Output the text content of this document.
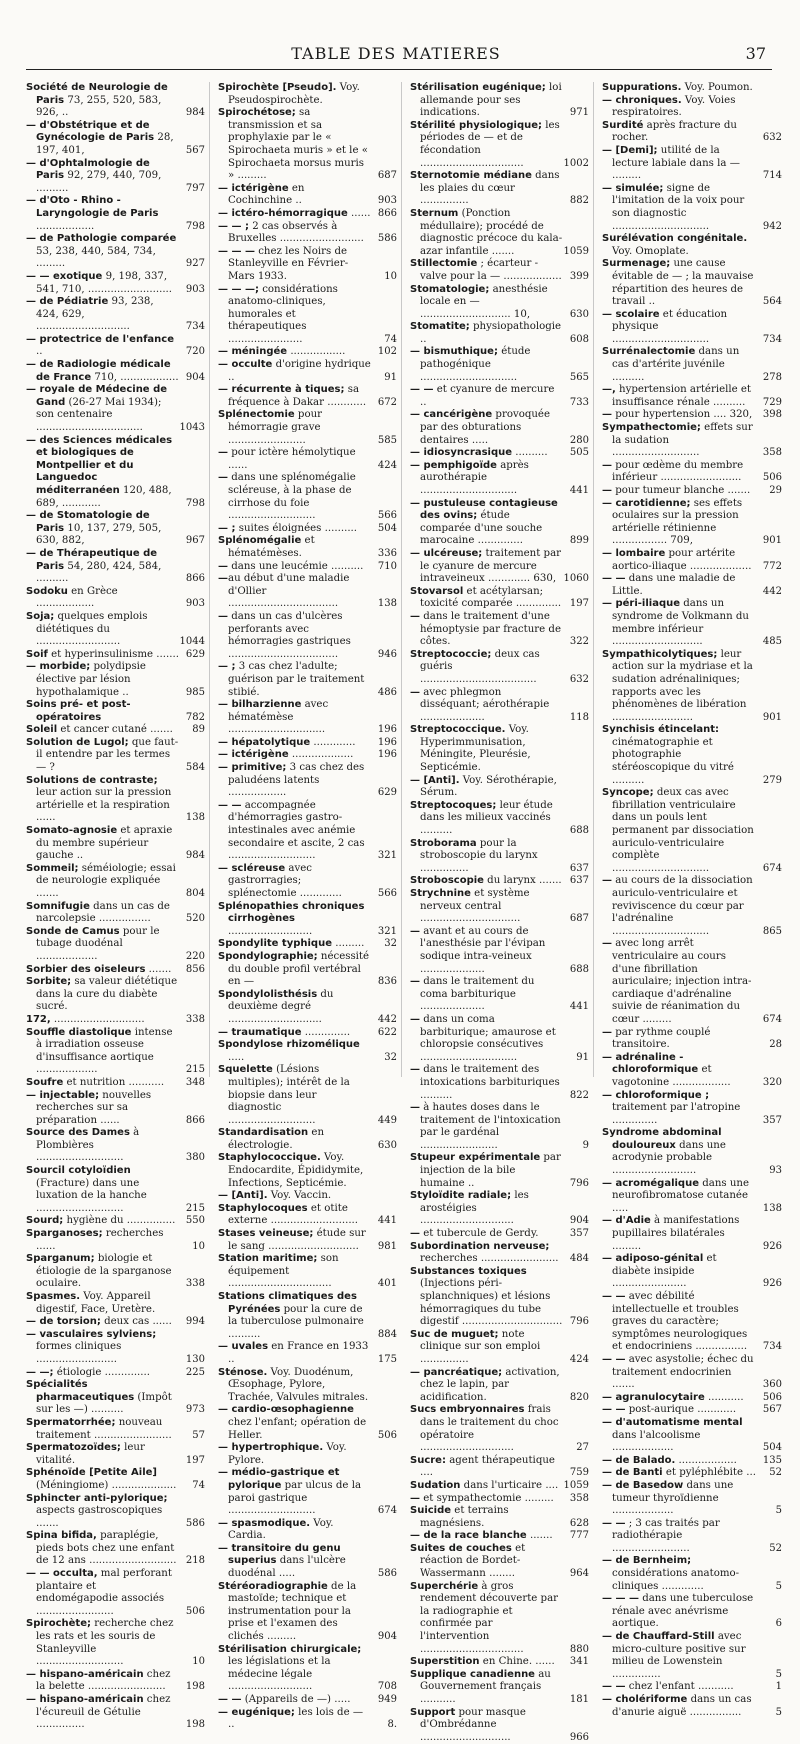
TABLE DES MATIERES	37

Société de Neurologie de Paris 73, 255, 520, 583, 926, ..	984

— d'Obstétrique et de Gynécologie de Paris 28, 197, 401,	567

— d'Ophtalmologie de Paris 92, 279, 440, 709, ..........	797

— d'Oto - Rhino - Laryngologie de Paris ..................	798

— de Pathologie comparée 53, 238, 440, 584, 734, .........	927

— — exotique 9, 198, 337, 541, 710, .......................... 903

— de Pédiatrie 93, 238, 424, 629, .............................	734

— protectrice de l'enfance ..	720

— de Radiologie médicale de France 710, .................. 904

— royale de Médecine de Gand (26-27 Mai 1934); son centenaire .................................	1043

— des Sciences médicales et biologiques de Montpellier et du Languedoc méditerranéen 120, 488, 689, ............	798

— de Stomatologie de Paris 10, 137, 279, 505, 630, 882,	967

— de Thérapeutique de Paris 54, 280, 424, 584, ..........	866

Sodoku en Grèce ..................	903

Soja; quelques emplois diététiques du ..........................	1044

Soif et hyperinsulinisme ....... 629

— morbide; polydipsie élective par lésion hypothalamique ..	985

Soins pré- et post-opératoires	782

Soleil et cancer cutané ....... 89

Solution de Lugol; que faut-il entendre par les termes — ?	584

Solutions de contraste; leur action sur la pression artérielle et la respiration ......	138

Somato-agnosie et apraxie du membre supérieur gauche ..	984

Sommeil; séméiologie; essai de neurologie expliquée .......	804

Somnifugie dans un cas de narcolepsie ................	520

Sonde de Camus pour le tubage duodénal ...................	220

Sorbier des oiseleurs ....... 856

Sorbite; sa valeur diététique dans la cure du diabète sucré.

172, ............................	338

Souffle diastolique intense à irradiation osseuse d'insuffisance aortique ...................	215

Soufre et nutrition ........... 348

— injectable; nouvelles recherches sur sa préparation ......	866

Source des Dames à Plombières ...........................	380

Sourcil cotyloïdien (Fracture) dans une luxation de la hanche ...........................	215

Sourd; hygiène du ............... 550

Sparganoses; recherches ......	10

Sparganum; biologie et étiologie de la sparganose oculaire.	338

Spasmes. Voy. Appareil digestif, Face, Uretère.

— de torsion; deux cas ...... 994

— vasculaires sylviens; formes cliniques .........................	130

— —; étiologie ..............	225

Spécialités pharmaceutiques (Impôt sur les —) ..........	973

Spermatorrhée; nouveau traitement ........................ 57

Spermatozoïdes; leur vitalité.	197

Sphénoïde [Petite Aile] (Méningiome) .................... 74

Sphincter anti-pylorique; aspects gastroscopiques .......	586

Spina bifida, paraplégie, pieds bots chez une enfant de 12 ans ........................... 218

— — occulta, mal perforant plantaire et endomégapodie associés ........................	506

Spirochète; recherche chez les rats et les souris de Stanleyville ...........................	10

— hispano-américain chez la belette ........................ 198

— hispano-américain chez l'écureuil de Gétulie ...............	198

Spirochète [Pseudo]. Voy. Pseudospirochète.

Spirochétose; sa transmission et sa prophylaxie par le « Spirochaeta muris » et le « Spirochaeta morsus muris » .........	687

— ictérigène en Cochinchine ..	903

— ictéro-hémorragique ...... 866

— — ; 2 cas observés à Bruxelles .......................... 586

— — — chez les Noirs de Stanleyville en Février-Mars 1933.	10

— — —; considérations anatomo-cliniques, humorales et thérapeutiques .......................	74

— méningée .................	102

— occulte d'origine hydrique ..	91

— récurrente à tiques; sa fréquence à Dakar ............ 672

Splénectomie pour hémorragie grave ........................	585

— pour ictère hémolytique ......	424

— dans une splénomégalie scléreuse, à la phase de cirrhose du foie ...........................	566

— ; suites éloignées .......... 504

Splénomégalie et hématémèses.	336

— dans une leucémie .......... 710

—au début d'une maladie d'Ollier ..................................	138

— dans un cas d'ulcères perforants avec hémorragies gastriques ..................................	946

— ; 3 cas chez l'adulte; guérison par le traitement stibié.	486

— bilharzienne avec hématémèse ..............................	196

— hépatolytique ............. 196

— ictérigène ................... 196

— primitive; 3 cas chez des paludéens latents ..................	629

— — accompagnée d'hémorragies gastro-intestinales avec anémie secondaire et ascite, 2 cas ...........................	321

— scléreuse avec gastrorragies; splénectomie .............	566

Splénopathies chroniques cirrhogènes ..........................	321

Spondylite typhique ......... 32

Spondylographie; nécessité du double profil vertébral en —	836

Spondylolisthésis du deuxième degré .............................	442

— traumatique ..............	622

Spondylose rhizomélique .....	32

Squelette (Lésions multiples); intérêt de la biopsie dans leur diagnostic ...........................	449

Standardisation en électrologie.	630

Staphylococcique. Voy. Endocardite, Épididymite, Infections, Septicémie.

— [Anti]. Voy. Vaccin.

Staphylocoques et otite externe ........................... 441

Stases veineuse; étude sur le sang ............................ 981

Station maritime; son équipement ................................	401

Stations climatiques des Pyrénées pour la cure de la tuberculose pulmonaire ..........	884

— uvales en France en 1933 ..	175

Sténose. Voy. Duodénum, Œsophage, Pylore, Trachée, Valvules mitrales.

— cardio-œsophagienne chez l'enfant; opération de Heller.	506

— hypertrophique. Voy. Pylore.

— médio-gastrique et pylorique par ulcus de la paroi gastrique ...........................	674

— spasmodique. Voy. Cardia.

— transitoire du genu superius dans l'ulcère duodénal .....	586

Stéréoradiographie de la mastoïde; technique et instrumentation pour la prise et l'examen des clichés .........	904

Stérilisation chirurgicale; les législations et la médecine légale ..........................	708

— — (Appareils de —) .....	949

— eugénique; les lois de — ..	8.

Stérilisation eugénique; loi allemande pour ses indications.	971

Stérilité physiologique; les périodes de — et de fécondation ................................	1002

Sternotomie médiane dans les plaies du cœur ...............	882

Sternum (Ponction médullaire); procédé de diagnostic précoce du kala-azar infantile .......	1059

Stillectomie ; écarteur - valve pour la — .................. 399

Stomatologie; anesthésie locale en — ............................ 10,	630

Stomatite; physiopathologie ..	608

— bismuthique; étude pathogénique ..............................	565

— — et cyanure de mercure ..	733

— cancérigène provoquée par des obturations dentaires .....	280

— idiosyncrasique .......... 505

— pemphigoïde après aurothérapie ..............................	441

— pustuleuse contagieuse des ovins; étude comparée d'une souche marocaine ..............	899

— ulcéreuse; traitement par le cyanure de mercure intraveineux ............. 630, 1060

Stovarsol et acétylarsan; toxicité comparée .............. 197

— dans le traitement d'une hémoptysie par fracture de côtes.	322

Streptococcie; deux cas guéris ....................................	632

— avec phlegmon disséquant; aérothérapie ....................	118

Streptococcique. Voy. Hyperimmunisation, Méningite, Pleurésie, Septicémie.

— [Anti]. Voy. Sérothérapie, Sérum.

Streptocoques; leur étude dans les milieux vaccinés ..........	688

Stroborama pour la stroboscopie du larynx ...............	637

Stroboscopie du larynx ....... 637

Strychnine et système nerveux central ...............................	687

— avant et au cours de l'anesthésie par l'évipan sodique intra-veineux ....................	688

— dans le traitement du coma barbiturique ....................	441

— dans un coma barbiturique; amaurose et chloropsie consécutives ..............................	91

— dans le traitement des intoxications barbituriques ..........	822

— à hautes doses dans le traitement de l'intoxication par le gardénal ........................	9

Stupeur expérimentale par injection de la bile humaine ..	796

Styloïdite radiale; les arostéigies .............................	904

— et tubercule de Gerdy.	357

Subordination nerveuse; recherches ........................ 484

Substances toxiques (Injections péri-splanchniques) et lésions hémorragiques du tube digestif ............................... 796

Suc de muguet; note clinique sur son emploi ...............	424

— pancréatique; activation, chez le lapin, par acidification.	820

Sucs embryonnaires frais dans le traitement du choc opératoire .............................	27

Sucre: agent thérapeutique ....	759

Sudation dans l'urticaire .... 1059

— et sympathectomie ......... 358

Suicide et terrains magnésiens.	628

— de la race blanche ....... 777

Suites de couches et réaction de Bordet-Wassermann ........	964

Superchérie à gros rendement découverte par la radiographie et confirmée par l'intervention ................................	880

Superstition en Chine. ...... 341

Supplique canadienne au Gouvernement français ...........	181

Support pour masque d'Ombrédanne ............................	966

Suppurations. Voy. Poumon.

— chroniques. Voy. Voies respiratoires.

Surdité après fracture du rocher.	632

— [Demi]; utilité de la lecture labiale dans la — .........	714

— simulée; signe de l'imitation de la voix pour son diagnostic ..............................	942

Surélévation congénitale. Voy. Omoplate.

Surmenage; une cause évitable de — ; la mauvaise répartition des heures de travail ..	564

— scolaire et éducation physique ..............................	734

Surrénalectomie dans un cas d'artérite juvénile ..........	278

—, hypertension artérielle et insuffisance rénale .......... 729

— pour hypertension .... 320, 398

Sympathectomie; effets sur la sudation ...........................	358

— pour œdème du membre inférieur ......................... 506

— pour tumeur blanche ....... 29

— carotidienne; ses effets oculaires sur la pression artérielle rétinienne ................. 709,	901

— lombaire pour artérite aortico-iliaque ................... 772

— — dans une maladie de Little.	442

— péri-iliaque dans un syndrome de Volkmann du membre inférieur ............................	485

Sympathicolytiques; leur action sur la mydriase et la sudation adrénaliniques; rapports avec les phénomènes de libération .........................	901

Synchisis étincelant: cinématographie et photographie stéréoscopique du vitré ..........	279

Syncope; deux cas avec fibrillation ventriculaire dans un pouls lent permanent par dissociation auriculo-ventriculaire complète ..............................	674

— au cours de la dissociation auriculo-ventriculaire et reviviscence du cœur par l'adrénaline ..............................	865

— avec long arrêt ventriculaire au cours d'une fibrillation auriculaire; injection intra-cardiaque d'adrénaline suivie de réanimation du cœur .........	674

— par rythme couplé transitoire.	28

— adrénaline - chloroformique et vagotonine ..................	320

— chloroformique ; traitement par l'atropine ..............	357

Syndrome abdominal douloureux dans une acrodynie probable ..........................	93

— acromégalique dans une neurofibromatose cutanée .....	138

— d'Adie à manifestations pupillaires bilatérales .........	926

— adiposo-génital et diabète insipide .......................	926

— — avec débilité intellectuelle et troubles graves du caractère; symptômes neurologiques et endocriniens ................ 734

— — avec asystolie; échec du traitement endocrinien .......	360

— agranulocytaire ........... 506

— — post-aurique ............	567

— d'automatisme mental dans l'alcoolisme ...................	504

— de Balado. ..................	135

— de Banti et pyléphlébite ... 52

— de Basedow dans une tumeur thyroïdienne ...................	5

— — ; 3 cas traités par radiothérapie ........................	52

— de Bernheim; considérations anatomo-cliniques .............	5

— — — dans une tuberculose rénale avec anévrisme aortique.	6

— de Chauffard-Still avec micro-culture positive sur milieu de Lowenstein ...............	5

— — chez l'enfant ...........	1

— cholériforme dans un cas d'anurie aiguë ................	5
